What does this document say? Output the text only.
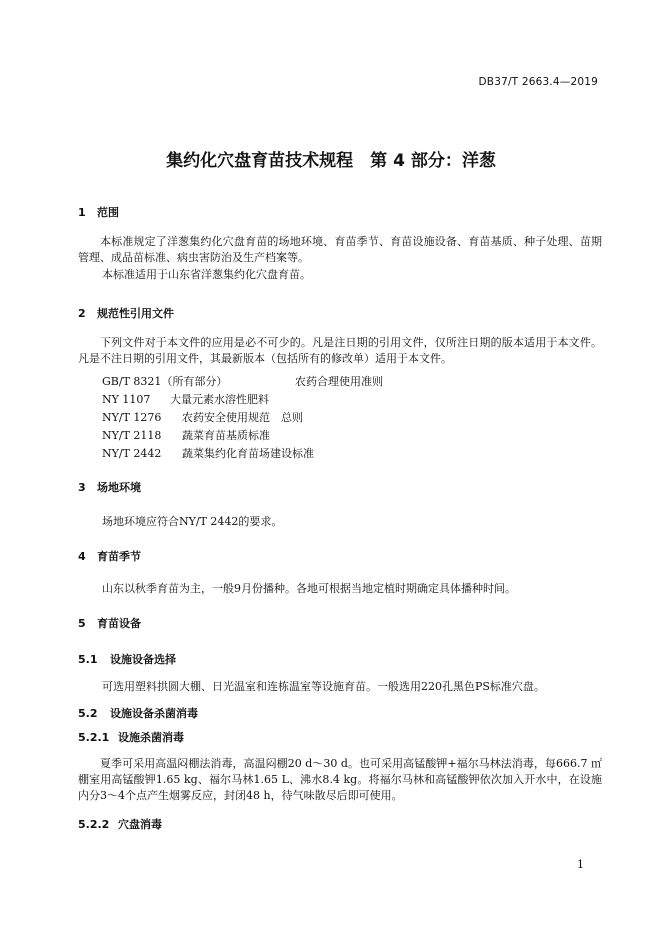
DB37/T 2663.4—2019
集约化穴盘育苗技术规程　第 4 部分：洋葱
1 范围
本标准规定了洋葱集约化穴盘育苗的场地环境、育苗季节、育苗设施设备、育苗基质、种子处理、苗期管理、成品苗标准、病虫害防治及生产档案等。
本标准适用于山东省洋葱集约化穴盘育苗。
2 规范性引用文件
下列文件对于本文件的应用是必不可少的。凡是注日期的引用文件，仅所注日期的版本适用于本文件。凡是不注日期的引用文件，其最新版本（包括所有的修改单）适用于本文件。
GB/T 8321（所有部分）	农药合理使用准则
NY 1107 大量元素水溶性肥料
NY/T 1276 农药安全使用规范　总则
NY/T 2118 蔬菜育苗基质标准
NY/T 2442 蔬菜集约化育苗场建设标准
3 场地环境
场地环境应符合NY/T 2442的要求。
4 育苗季节
山东以秋季育苗为主，一般9月份播种。各地可根据当地定植时期确定具体播种时间。
5 育苗设备
5.1 设施设备选择
可选用塑料拱圆大棚、日光温室和连栋温室等设施育苗。一般选用220孔黑色PS标准穴盘。
5.2 设施设备杀菌消毒
5.2.1 设施杀菌消毒
夏季可采用高温闷棚法消毒，高温闷棚20 d～30 d。也可采用高锰酸钾+福尔马林法消毒，每666.7 ㎡棚室用高锰酸钾1.65 kg、福尔马林1.65 L、沸水8.4 kg。将福尔马林和高锰酸钾依次加入开水中，在设施内分3～4个点产生烟雾反应，封闭48 h，待气味散尽后即可使用。
5.2.2 穴盘消毒
1
